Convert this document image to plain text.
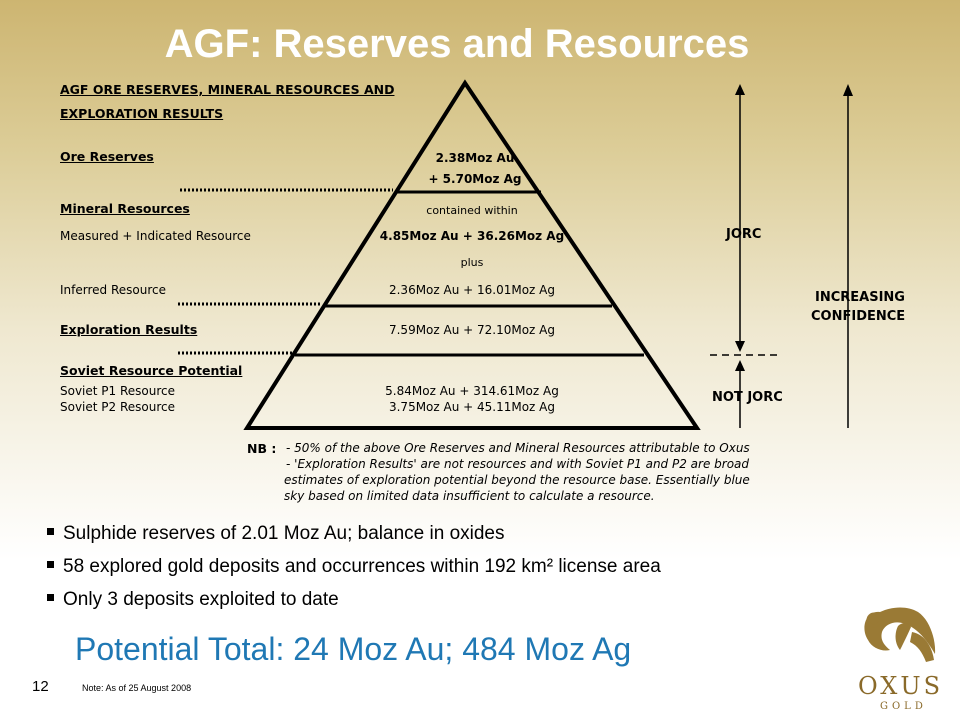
AGF: Reserves and Resources
AGF ORE RESERVES, MINERAL RESOURCES AND
EXPLORATION RESULTS
Ore Reserves
Mineral Resources
Measured + Indicated Resource
Inferred Resource
Exploration Results
Soviet Resource Potential
Soviet P1 Resource
Soviet P2 Resource
2.38Moz Au
+ 5.70Moz Ag
contained within
4.85Moz Au + 36.26Moz Ag
plus
2.36Moz Au + 16.01Moz Ag
7.59Moz Au + 72.10Moz Ag
5.84Moz Au + 314.61Moz Ag
3.75Moz Au + 45.11Moz Ag
JORC
NOT JORC
INCREASING
CONFIDENCE
NB : - 50% of the above Ore Reserves and Mineral Resources attributable to Oxus
- 'Exploration Results' are not resources and with Soviet P1 and P2 are broad
estimates of exploration potential beyond the resource base. Essentially blue
sky based on limited data insufficient to calculate a resource.
Sulphide reserves of 2.01 Moz Au; balance in oxides
58 explored gold deposits and occurrences within 192 km² license area
Only 3 deposits exploited to date
Potential Total: 24 Moz Au; 484 Moz Ag
12	Note: As of 25 August 2008	OXUS
GOLD
